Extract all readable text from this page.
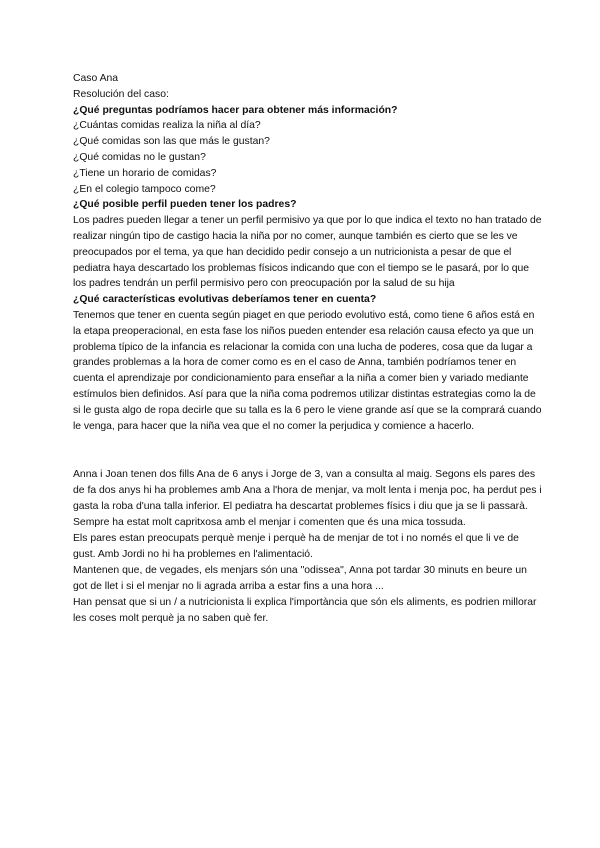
Caso Ana
Resolución del caso:
¿Qué preguntas podríamos hacer para obtener más información?
¿Cuántas comidas realiza la niña al día?
¿Qué comidas son las que más le gustan?
¿Qué comidas no le gustan?
¿Tiene un horario de comidas?
¿En el colegio tampoco come?
¿Qué posible perfil pueden tener los padres?

Los padres pueden llegar a tener un perfil permisivo ya que por lo que indica el texto no han tratado de realizar ningún tipo de castigo hacia la niña por no comer, aunque también es cierto que se les ve preocupados por el tema, ya que han decidido pedir consejo a un nutricionista a pesar de que el pediatra haya descartado los problemas físicos indicando que con el tiempo se le pasará, por lo que los padres tendrán un perfil permisivo pero con preocupación por la salud de su hija

¿Qué características evolutivas deberíamos tener en cuenta?

Tenemos que tener en cuenta según piaget en que periodo evolutivo está, como tiene 6 años está en la etapa preoperacional, en esta fase los niños pueden entender esa relación causa efecto ya que un problema típico de la infancia es relacionar la comida con una lucha de poderes, cosa que da lugar a grandes problemas a la hora de comer como es en el caso de Anna, también podríamos tener en cuenta el aprendizaje por condicionamiento para enseñar a la niña a comer bien y variado mediante estímulos bien definidos. Así para que la niña coma podremos utilizar distintas estrategias como la de si le gusta algo de ropa decirle que su talla es la 6 pero le viene grande así que se la comprará cuando le venga, para hacer que la niña vea que el no comer la perjudica y comience a hacerlo.

Anna i Joan tenen dos fills Ana de 6 anys i Jorge de 3, van a consulta al maig. Segons els pares des de fa dos anys hi ha problemes amb Ana a l'hora de menjar, va molt lenta i menja poc, ha perdut pes i gasta la roba d'una talla inferior. El pediatra ha descartat problemes físics i diu que ja se li passarà. Sempre ha estat molt capritxosa amb el menjar i comenten que és una mica tossuda.

Els pares estan preocupats perquè menje i perquè ha de menjar de tot i no només el que li ve de gust. Amb Jordi no hi ha problemes en l'alimentació.

Mantenen que, de vegades, els menjars són una "odissea", Anna pot tardar 30 minuts en beure un got de llet i si el menjar no li agrada arriba a estar fins a una hora ...

Han pensat que si un / a nutricionista li explica l'importància que són els aliments, es podrien millorar les coses molt perquè ja no saben què fer.
